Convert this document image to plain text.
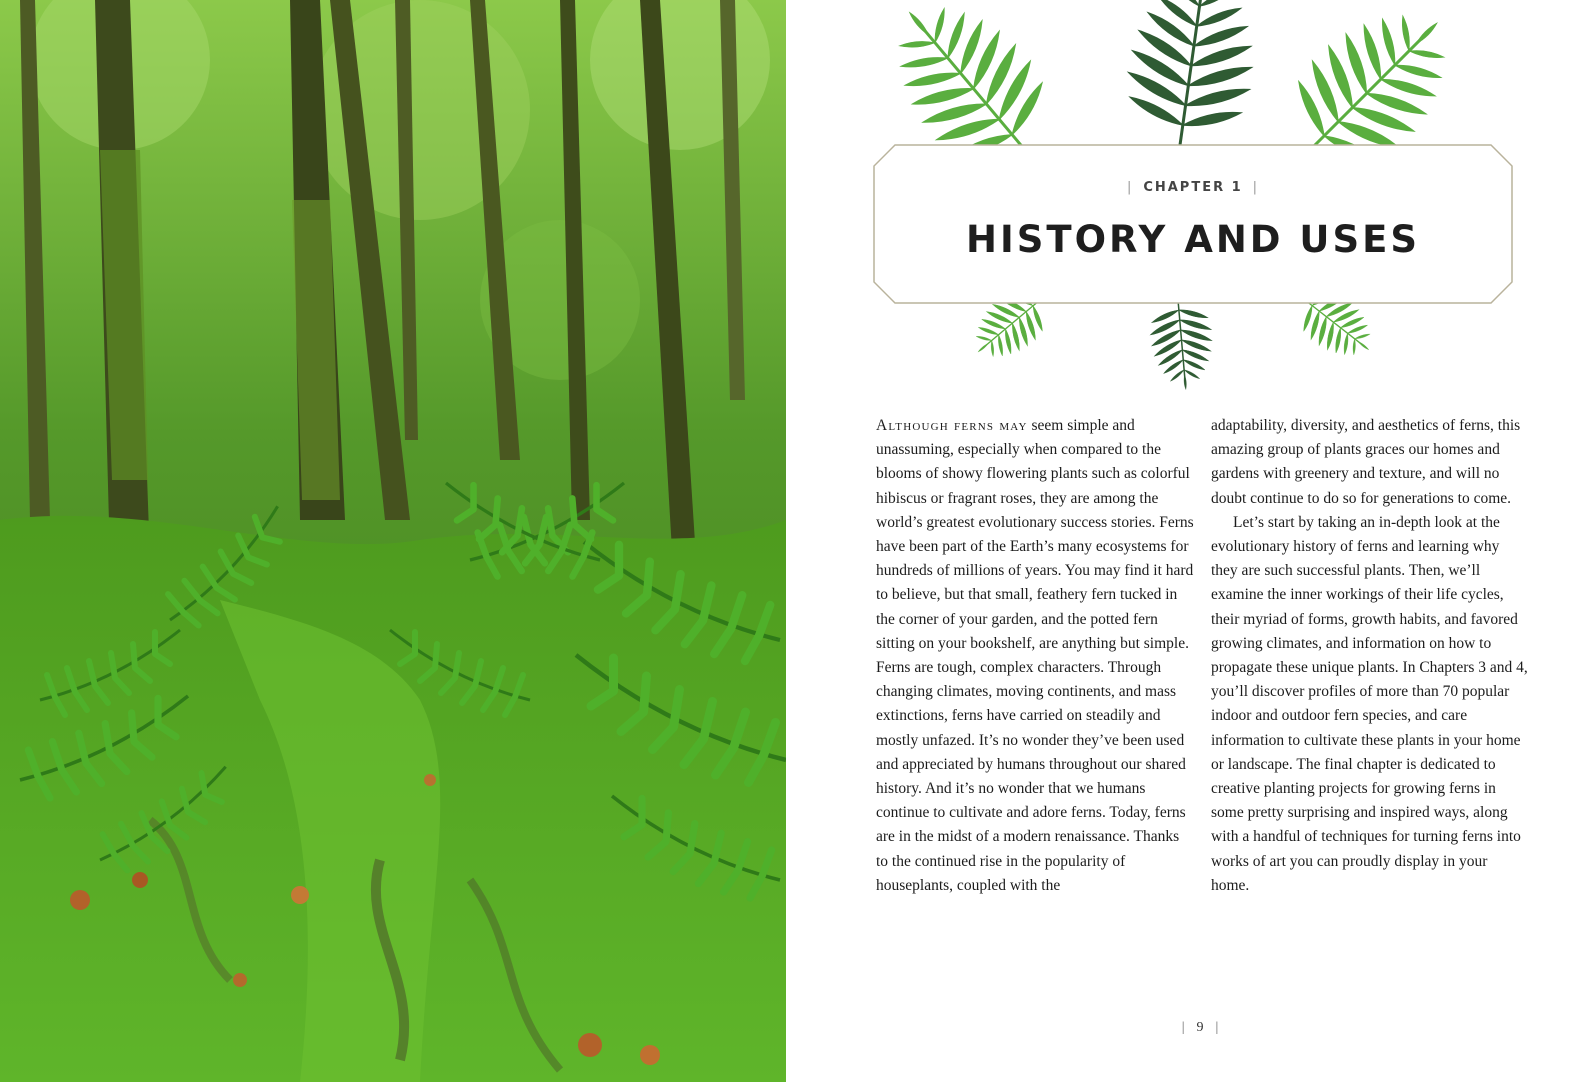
| CHAPTER 1 |
HISTORY AND USES

Although ferns may seem simple and unassuming, especially when compared to the blooms of showy flowering plants such as colorful hibiscus or fragrant roses, they are among the world’s greatest evolutionary success stories. Ferns have been part of the Earth’s many ecosystems for hundreds of millions of years. You may find it hard to believe, but that small, feathery fern tucked in the corner of your garden, and the potted fern sitting on your bookshelf, are anything but simple. Ferns are tough, complex characters. Through changing climates, moving continents, and mass extinctions, ferns have carried on steadily and mostly unfazed. It’s no wonder they’ve been used and appreciated by humans throughout our shared history. And it’s no wonder that we humans continue to cultivate and adore ferns. Today, ferns are in the midst of a modern renaissance. Thanks to the continued rise in the popularity of houseplants, coupled with the

adaptability, diversity, and aesthetics of ferns, this amazing group of plants graces our homes and gardens with greenery and texture, and will no doubt continue to do so for generations to come.

Let’s start by taking an in-depth look at the evolutionary history of ferns and learning why they are such successful plants. Then, we’ll examine the inner workings of their life cycles, their myriad of forms, growth habits, and favored growing climates, and information on how to propagate these unique plants. In Chapters 3 and 4, you’ll discover profiles of more than 70 popular indoor and outdoor fern species, and care information to cultivate these plants in your home or landscape. The final chapter is dedicated to creative planting projects for growing ferns in some pretty surprising and inspired ways, along with a handful of techniques for turning ferns into works of art you can proudly display in your home.

| 9 |
